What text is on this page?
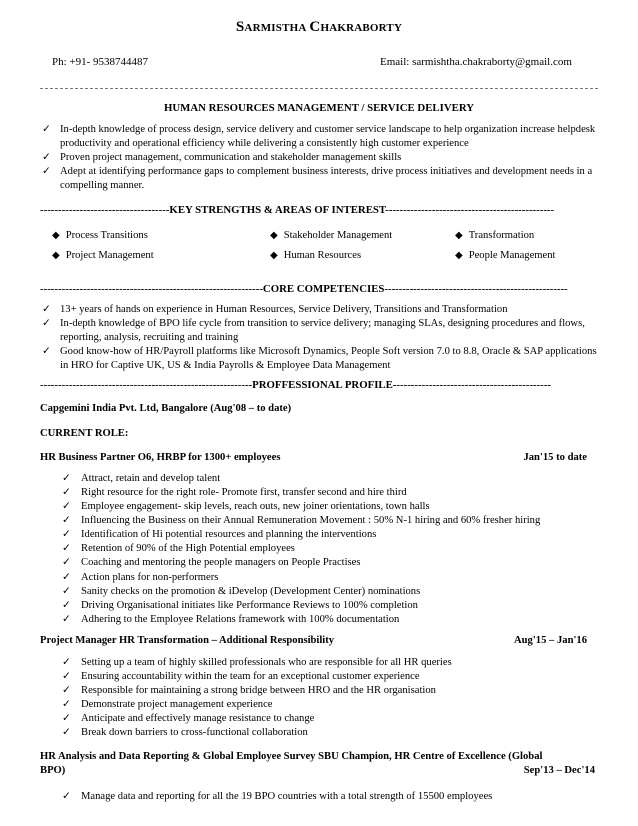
SARMISTHA CHAKRABORTY
Ph: +91- 9538744487	Email: sarmishtha.chakraborty@gmail.com
HUMAN RESOURCES MANAGEMENT / SERVICE DELIVERY
✓ In-depth knowledge of process design, service delivery and customer service landscape to help organization increase helpdesk productivity and operational efficiency while delivering a consistently high customer experience
✓ Proven project management, communication and stakeholder management skills
✓ Adept at identifying performance gaps to complement business interests, drive process initiatives and development needs in a compelling manner.
------------------------------------KEY STRENGTHS & AREAS OF INTEREST-----------------------------------------------
◆ Process Transitions	◆ Stakeholder Management	◆ Transformation
◆ Project Management	◆ Human Resources	◆ People Management
--------------------------------------------------------------CORE COMPETENCIES---------------------------------------------------
✓ 13+ years of hands on experience in Human Resources, Service Delivery, Transitions and Transformation
✓ In-depth knowledge of BPO life cycle from transition to service delivery; managing SLAs, designing procedures and flows, reporting, analysis, recruiting and training
✓ Good know-how of HR/Payroll platforms like Microsoft Dynamics, People Soft version 7.0 to 8.8, Oracle & SAP applications in HRO for Captive UK, US & India Payrolls & Employee Data Management
-----------------------------------------------------------PROFFESSIONAL PROFILE--------------------------------------------
Capgemini India Pvt. Ltd, Bangalore (Aug'08 – to date)
CURRENT ROLE:
HR Business Partner O6, HRBP for 1300+ employees	Jan'15 to date
✓ Attract, retain and develop talent
✓ Right resource for the right role- Promote first, transfer second and hire third
✓ Employee engagement- skip levels, reach outs, new joiner orientations, town halls
✓ Influencing the Business on their Annual Remuneration Movement : 50% N-1 hiring and 60% fresher hiring
✓ Identification of Hi potential resources and planning the interventions
✓ Retention of 90% of the High Potential employees
✓ Coaching and mentoring the people managers on People Practises
✓ Action plans for non-performers
✓ Sanity checks on the promotion & iDevelop (Development Center) nominations
✓ Driving Organisational initiates like Performance Reviews to 100% completion
✓ Adhering to the Employee Relations framework with 100% documentation
Project Manager HR Transformation – Additional Responsibility	Aug'15 – Jan'16
✓ Setting up a team of highly skilled professionals who are responsible for all HR queries
✓ Ensuring accountability within the team for an exceptional customer experience
✓ Responsible for maintaining a strong bridge between HRO and the HR organisation
✓ Demonstrate project management experience
✓ Anticipate and effectively manage resistance to change
✓ Break down barriers to cross-functional collaboration
HR Analysis and Data Reporting & Global Employee Survey SBU Champion, HR Centre of Excellence (Global
BPO)	Sep'13 – Dec'14
✓ Manage data and reporting for all the 19 BPO countries with a total strength of 15500 employees
